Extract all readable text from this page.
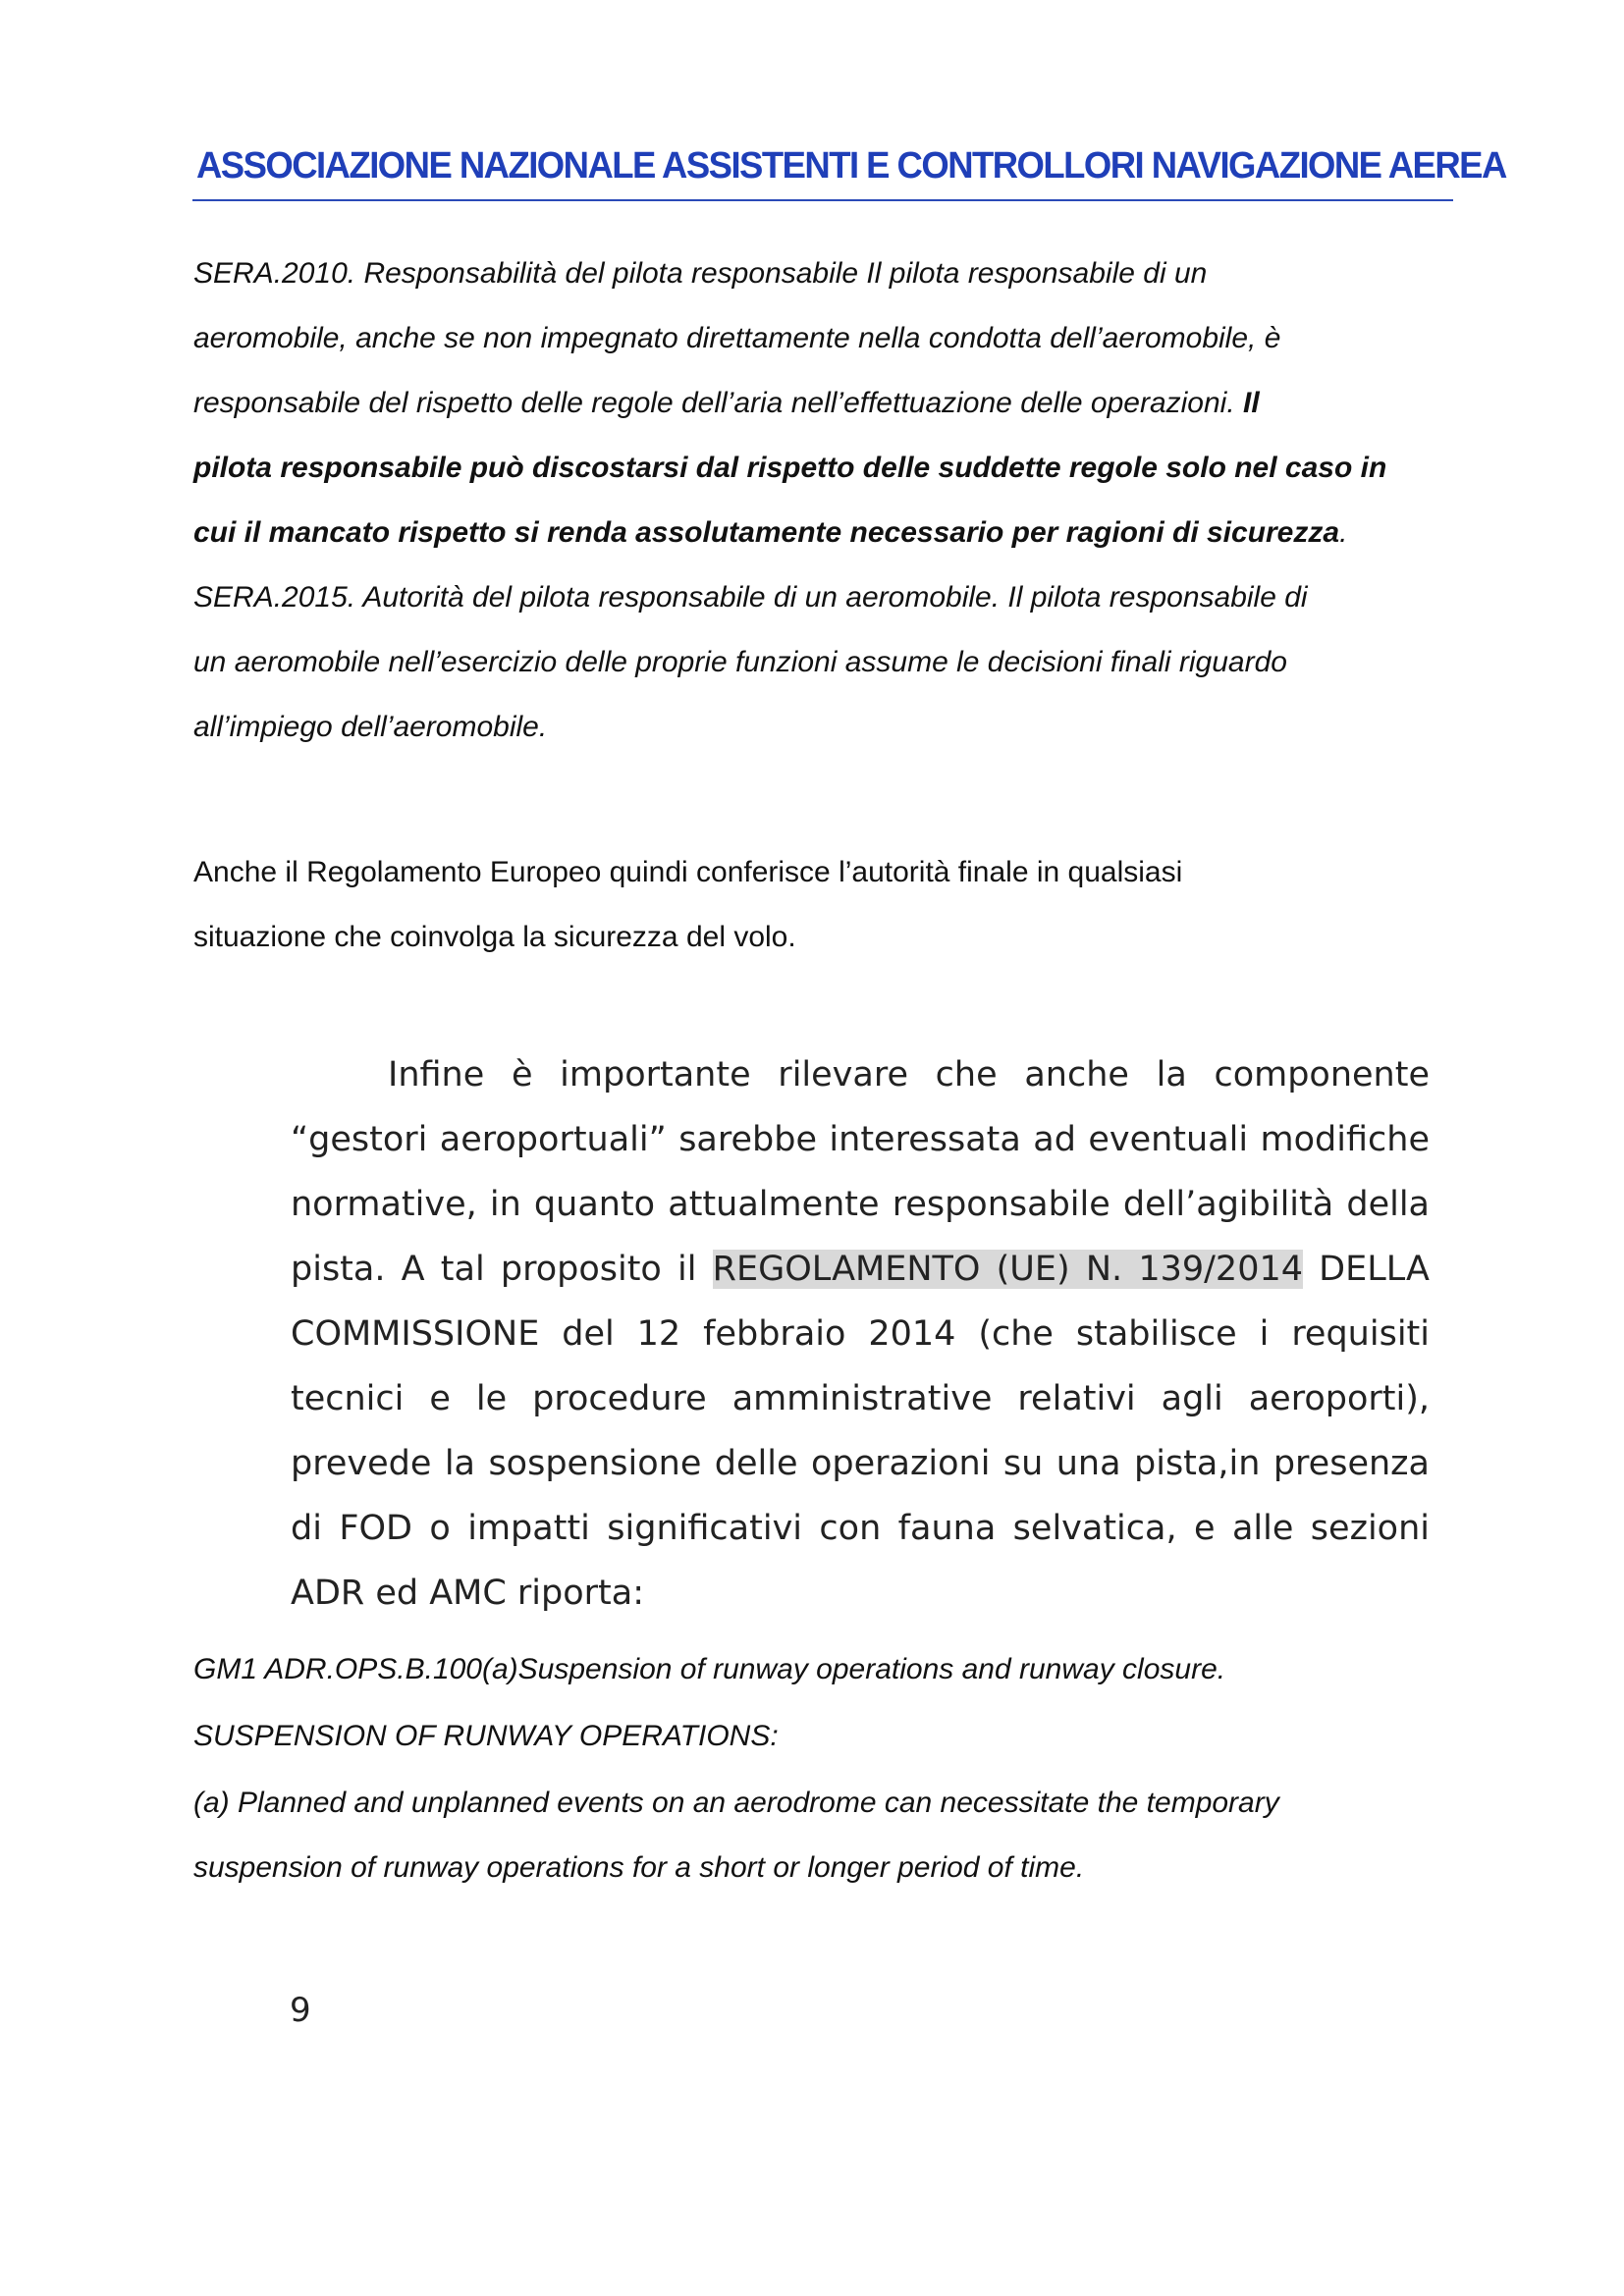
ASSOCIAZIONE NAZIONALE ASSISTENTI E CONTROLLORI NAVIGAZIONE AEREA
SERA.2010. Responsabilità del pilota responsabile Il pilota responsabile di un
aeromobile, anche se non impegnato direttamente nella condotta dell’aeromobile, è
responsabile del rispetto delle regole dell’aria nell’effettuazione delle operazioni. Il
pilota responsabile può discostarsi dal rispetto delle suddette regole solo nel caso in
cui il mancato rispetto si renda assolutamente necessario per ragioni di sicurezza.
SERA.2015. Autorità del pilota responsabile di un aeromobile. Il pilota responsabile di
un aeromobile nell’esercizio delle proprie funzioni assume le decisioni finali riguardo
all’impiego dell’aeromobile.
Anche il Regolamento Europeo quindi conferisce l’autorità finale in qualsiasi
situazione che coinvolga la sicurezza del volo.
Infine è importante rilevare che anche la componente “gestori aeroportuali” sarebbe interessata ad eventuali modifiche normative, in quanto attualmente responsabile dell’agibilità della pista. A tal proposito il REGOLAMENTO (UE) N. 139/2014 DELLA COMMISSIONE del 12 febbraio 2014 (che stabilisce i requisiti tecnici e le procedure amministrative relativi agli aeroporti), prevede la sospensione delle operazioni su una pista,in presenza di FOD o impatti significativi con fauna selvatica, e alle sezioni ADR ed AMC riporta:
GM1 ADR.OPS.B.100(a)Suspension of runway operations and runway closure.
SUSPENSION OF RUNWAY OPERATIONS:
(a) Planned and unplanned events on an aerodrome can necessitate the temporary
suspension of runway operations for a short or longer period of time.
9
